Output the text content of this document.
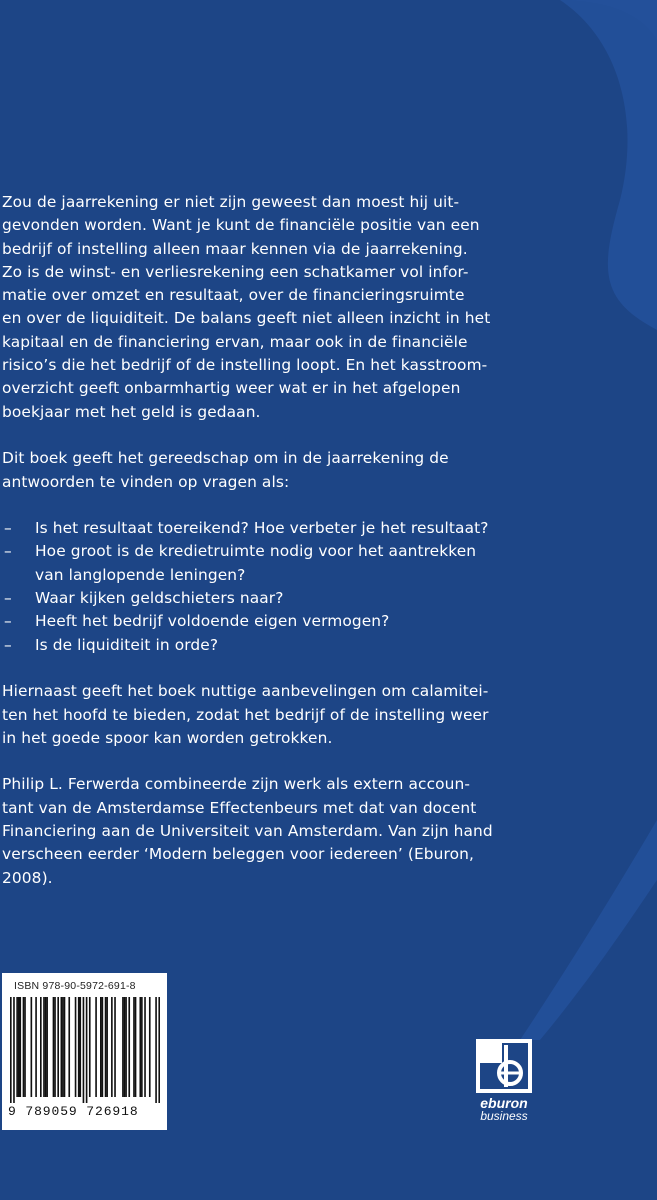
Zou de jaarrekening er niet zijn geweest dan moest hij uit-
gevonden worden. Want je kunt de financiële positie van een
bedrijf of instelling alleen maar kennen via de jaarrekening.
Zo is de winst- en verliesrekening een schatkamer vol infor-
matie over omzet en resultaat, over de financieringsruimte
en over de liquiditeit. De balans geeft niet alleen inzicht in het
kapitaal en de financiering ervan, maar ook in de financiële
risico’s die het bedrijf of de instelling loopt. En het kasstroom-
overzicht geeft onbarmhartig weer wat er in het afgelopen
boekjaar met het geld is gedaan.

Dit boek geeft het gereedschap om in de jaarrekening de
antwoorden te vinden op vragen als:

– Is het resultaat toereikend? Hoe verbeter je het resultaat?
– Hoe groot is de kredietruimte nodig voor het aantrekken
van langlopende leningen?
– Waar kijken geldschieters naar?
– Heeft het bedrijf voldoende eigen vermogen?
– Is de liquiditeit in orde?

Hiernaast geeft het boek nuttige aanbevelingen om calamitei-
ten het hoofd te bieden, zodat het bedrijf of de instelling weer
in het goede spoor kan worden getrokken.

Philip L. Ferwerda combineerde zijn werk als extern accoun-
tant van de Amsterdamse Effectenbeurs met dat van docent
Financiering aan de Universiteit van Amsterdam. Van zijn hand
verscheen eerder ‘Modern beleggen voor iedereen’ (Eburon,
2008).

ISBN 978-90-5972-691-8
9 789059 726918
eburon
business
